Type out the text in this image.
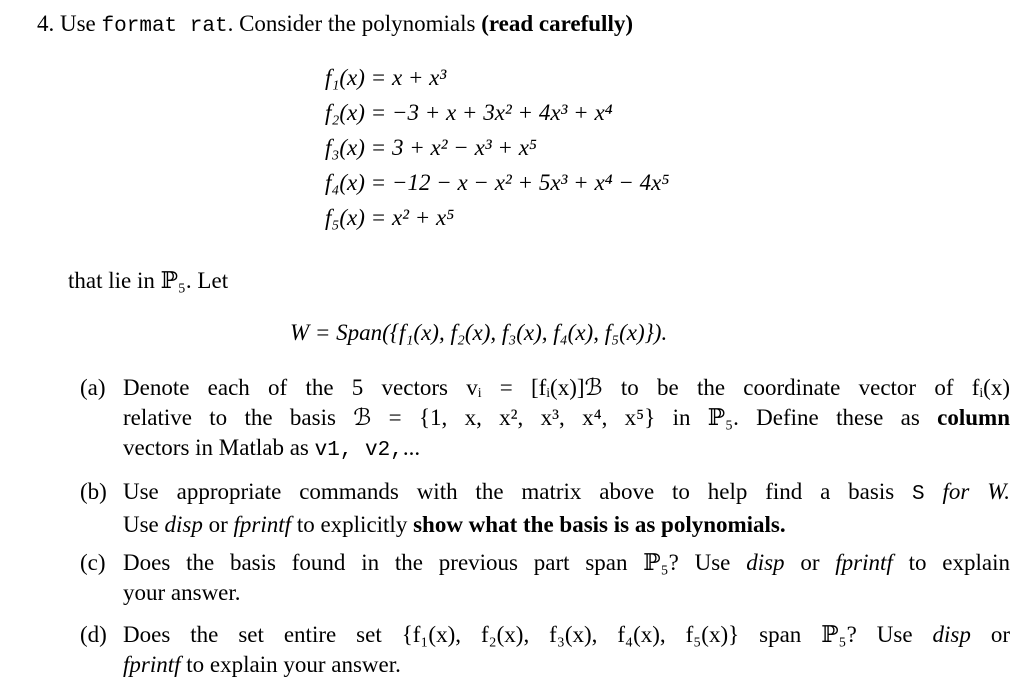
4. Use format rat. Consider the polynomials (read carefully)
f₁(x) = x + x³
f₂(x) = −3 + x + 3x² + 4x³ + x⁴
f₃(x) = 3 + x² − x³ + x⁵
f₄(x) = −12 − x − x² + 5x³ + x⁴ − 4x⁵
f₅(x) = x² + x⁵
that lie in ℙ₅. Let
W = Span({f₁(x), f₂(x), f₃(x), f₄(x), f₅(x)}).
(a) Denote each of the 5 vectors vᵢ = [fᵢ(x)]ℬ to be the coordinate vector of fᵢ(x)
relative to the basis ℬ = {1, x, x², x³, x⁴, x⁵} in ℙ₅. Define these as column
vectors in Matlab as v1, v2,...
(b) Use appropriate commands with the matrix above to help find a basis S for W.
Use disp or fprintf to explicitly show what the basis is as polynomials.
(c) Does the basis found in the previous part span ℙ₅? Use disp or fprintf to explain
your answer.
(d) Does the set entire set {f₁(x), f₂(x), f₃(x), f₄(x), f₅(x)} span ℙ₅? Use disp or
fprintf to explain your answer.
